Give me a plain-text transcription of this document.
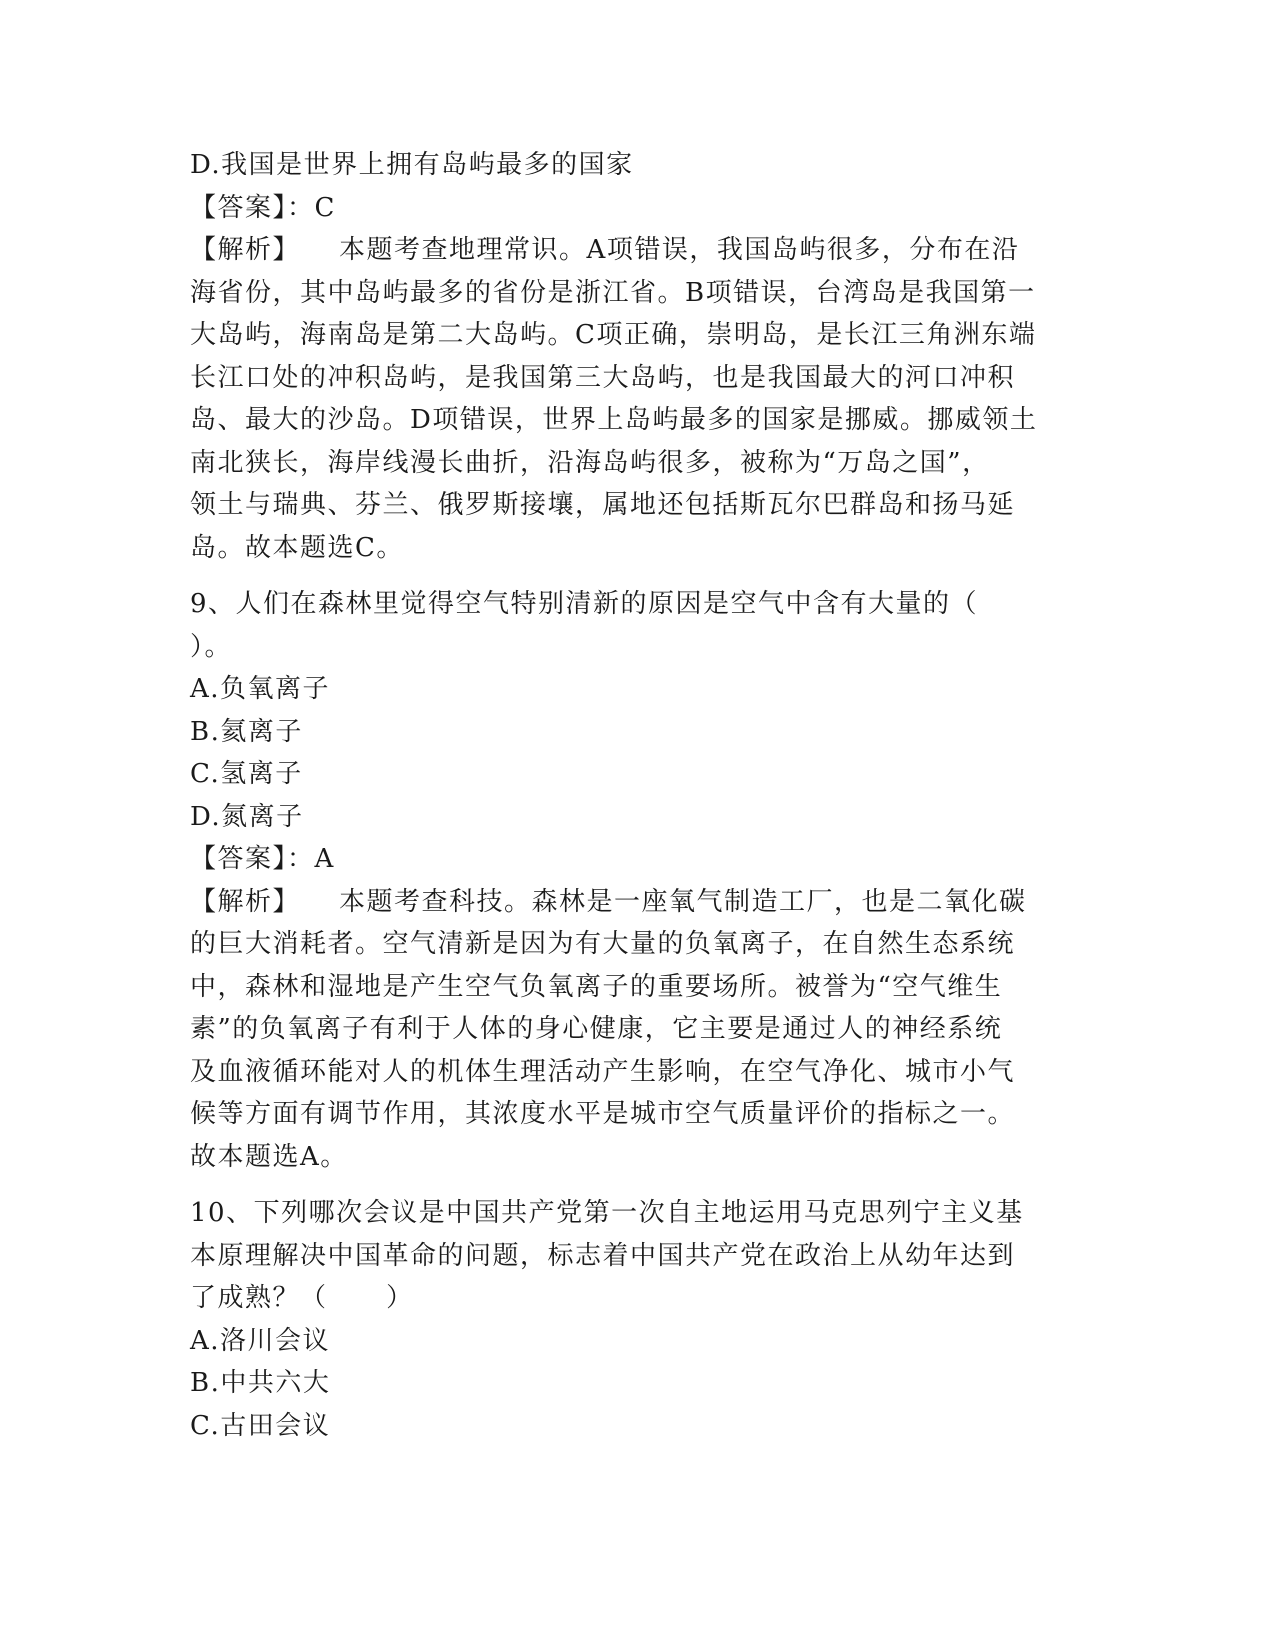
D.我国是世界上拥有岛屿最多的国家
【答案】：C
【解析】    本题考查地理常识。A项错误，我国岛屿很多，分布在沿
海省份，其中岛屿最多的省份是浙江省。B项错误，台湾岛是我国第一
大岛屿，海南岛是第二大岛屿。C项正确，崇明岛，是长江三角洲东端
长江口处的冲积岛屿，是我国第三大岛屿，也是我国最大的河口冲积
岛、最大的沙岛。D项错误，世界上岛屿最多的国家是挪威。挪威领土
南北狭长，海岸线漫长曲折，沿海岛屿很多，被称为“万岛之国”，
领土与瑞典、芬兰、俄罗斯接壤，属地还包括斯瓦尔巴群岛和扬马延
岛。故本题选C。
9、人们在森林里觉得空气特别清新的原因是空气中含有大量的（
）。
A.负氧离子
B.氦离子
C.氢离子
D.氮离子
【答案】：A
【解析】    本题考查科技。森林是一座氧气制造工厂，也是二氧化碳
的巨大消耗者。空气清新是因为有大量的负氧离子，在自然生态系统
中，森林和湿地是产生空气负氧离子的重要场所。被誉为“空气维生
素”的负氧离子有利于人体的身心健康，它主要是通过人的神经系统
及血液循环能对人的机体生理活动产生影响，在空气净化、城市小气
候等方面有调节作用，其浓度水平是城市空气质量评价的指标之一。
故本题选A。
10、下列哪次会议是中国共产党第一次自主地运用马克思列宁主义基
本原理解决中国革命的问题，标志着中国共产党在政治上从幼年达到
了成熟？（      ）
A.洛川会议
B.中共六大
C.古田会议
